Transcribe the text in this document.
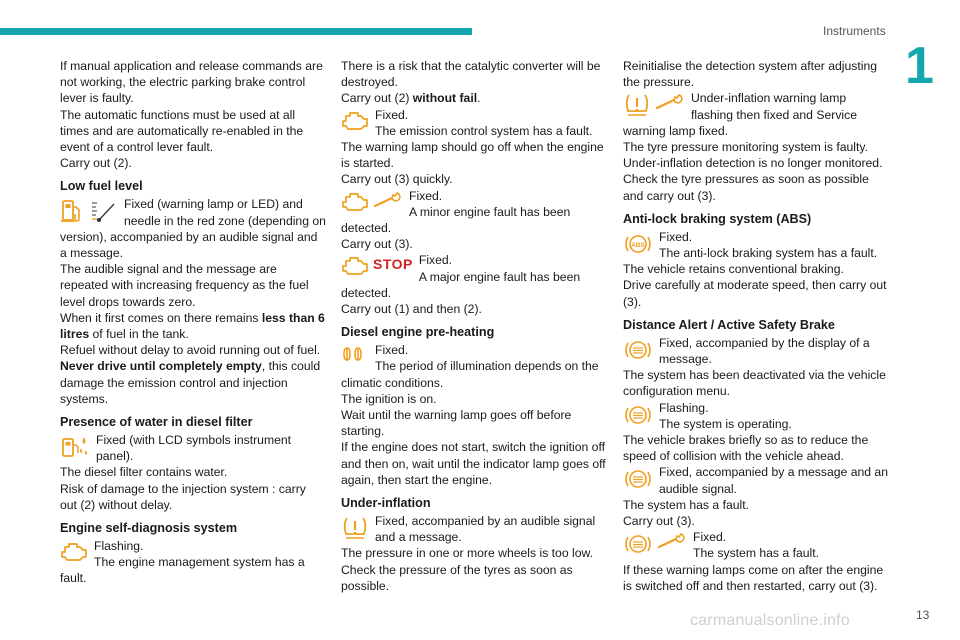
Instruments
1

If manual application and release commands are not working, the electric parking brake control lever is faulty.

The automatic functions must be used at all times and are automatically re-enabled in the event of a control lever fault.

Carry out (2).

Low fuel level
Fixed (warning lamp or LED) and needle in the red zone (depending on version), accompanied by an audible signal and a message.

The audible signal and the message are repeated with increasing frequency as the fuel level drops towards zero.

When it first comes on there remains less than 6 litres of fuel in the tank.

Refuel without delay to avoid running out of fuel.

Never drive until completely empty, this could damage the emission control and injection systems.

Presence of water in diesel filter
Fixed (with LCD symbols instrument panel).

The diesel filter contains water.

Risk of damage to the injection system : carry out (2) without delay.

Engine self-diagnosis system
Flashing.
The engine management system has a fault.

There is a risk that the catalytic converter will be destroyed.

Carry out (2) without fail.

Fixed.
The emission control system has a fault.

The warning lamp should go off when the engine is started.

Carry out (3) quickly.

Fixed.
A minor engine fault has been detected.

Carry out (3).

STOP Fixed.
A major engine fault has been detected.

Carry out (1) and then (2).

Diesel engine pre-heating
Fixed.
The period of illumination depends on the climatic conditions.

The ignition is on.

Wait until the warning lamp goes off before starting.

If the engine does not start, switch the ignition off and then on, wait until the indicator lamp goes off again, then start the engine.

Under-inflation
Fixed, accompanied by an audible signal and a message.

The pressure in one or more wheels is too low.

Check the pressure of the tyres as soon as possible.

Reinitialise the detection system after adjusting the pressure.

Under-inflation warning lamp flashing then fixed and Service warning lamp fixed.

The tyre pressure monitoring system is faulty.

Under-inflation detection is no longer monitored.

Check the tyre pressures as soon as possible and carry out (3).

Anti-lock braking system (ABS)
ABS
Fixed.
The anti-lock braking system has a fault.

The vehicle retains conventional braking.

Drive carefully at moderate speed, then carry out (3).

Distance Alert / Active Safety Brake
Fixed, accompanied by the display of a message.

The system has been deactivated via the vehicle configuration menu.

Flashing.
The system is operating.

The vehicle brakes briefly so as to reduce the speed of collision with the vehicle ahead.

Fixed, accompanied by a message and an audible signal.

The system has a fault.

Carry out (3).

Fixed.
The system has a fault.

If these warning lamps come on after the engine is switched off and then restarted, carry out (3).

carmanualsonline.info	13
